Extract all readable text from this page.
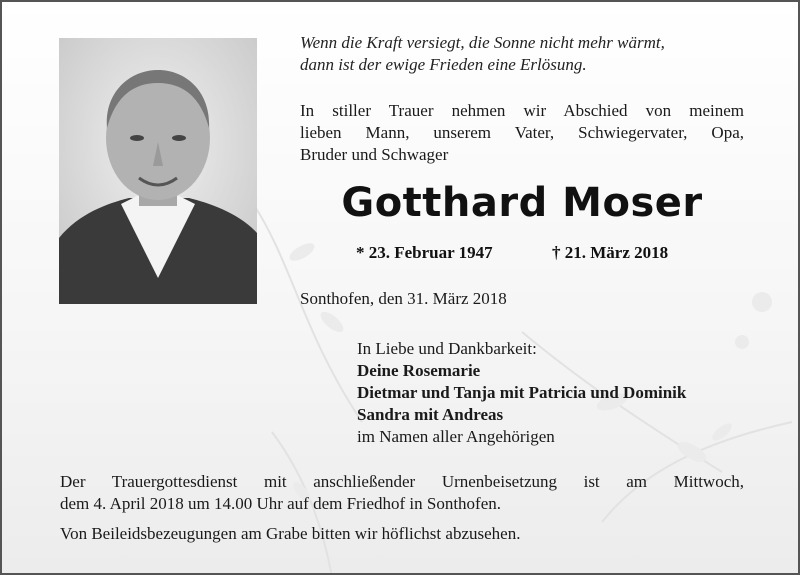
Wenn die Kraft versiegt, die Sonne nicht mehr wärmt,
dann ist der ewige Frieden eine Erlösung.
In stiller Trauer nehmen wir Abschied von meinem
lieben Mann, unserem Vater, Schwiegervater, Opa,
Bruder und Schwager
Gotthard Moser
* 23. Februar 1947	† 21. März 2018
Sonthofen, den 31. März 2018
In Liebe und Dankbarkeit:
Deine Rosemarie
Dietmar und Tanja mit Patricia und Dominik
Sandra mit Andreas
im Namen aller Angehörigen
Der Trauergottesdienst mit anschließender Urnenbeisetzung ist am Mittwoch,
dem 4. April 2018 um 14.00 Uhr auf dem Friedhof in Sonthofen.
Von Beileidsbezeugungen am Grabe bitten wir höflichst abzusehen.
